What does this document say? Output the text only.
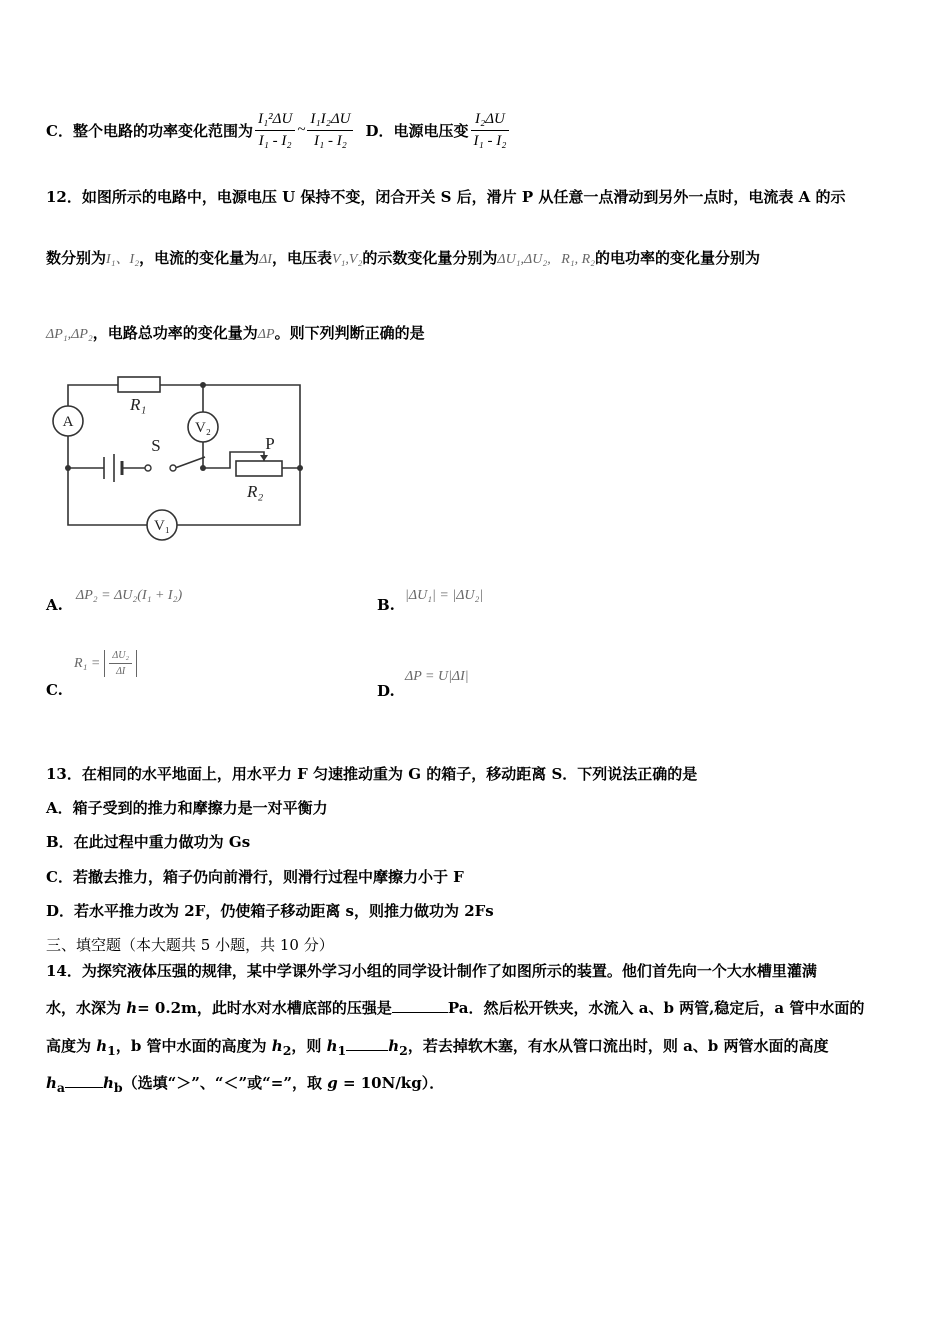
C．整个电路的功率变化范围为 $\frac{\text{I₁²ΔU}}{\text{I₁ - I₂}}$ ~ $\frac{\text{I₁I₂ΔU}}{\text{I₁ - I₂}}$ D．电源电压变 $\frac{\text{I₂ΔU}}{\text{I₁ - I₂}}$
12．如图所示的电路中，电源电压 U 保持不变，闭合开关 S 后，滑片 P 从任意一点滑动到另外一点时，电流表 A 的示
数分别为I₁、I₂，电流的变化量为ΔI，电压表V₁,V₂的示数变化量分别为ΔU₁,ΔU₂, R₁, R₂的电功率的变化量分别为
ΔP₁,ΔP₂，电路总功率的变化量为ΔP。则下列判断正确的是
R₁
R₂
A	V₂
V₁
S	P
A.
ΔP₂ = ΔU₂(I₁ + I₂)
B.
|ΔU₁| = |ΔU₂|
C.
$R_1 = \frac{\text{ΔU₂}}{\Delta I}$
D.
ΔP = U|ΔI|
13．在相同的水平地面上，用水平力 F 匀速推动重为 G 的箱子，移动距离 S．下列说法正确的是
A．箱子受到的推力和摩擦力是一对平衡力
B．在此过程中重力做功为 Gs
C．若撤去推力，箱子仍向前滑行，则滑行过程中摩擦力小于 F
D．若水平推力改为 2F，仍使箱子移动距离 s，则推力做功为 2Fs
三、填空题（本大题共 5 小题，共 10 分）
14．为探究液体压强的规律，某中学课外学习小组的同学设计制作了如图所示的装置。他们首先向一个大水槽里灌满
水，水深为 h= 0.2m，此时水对水槽底部的压强是	Pa．然后松开铁夹，水流入 a、b 两管,稳定后，a 管中水面的
高度为 $h_1$，b 管中水面的高度为 $h_2$，则 $h_1$	$h_2$，若去掉软木塞，有水从管口流出时，则 a、b 两管水面的高度
$h_a$	$h_b$（选填“＞”、“＜”或“=”，取 g = 10N/kg）．
